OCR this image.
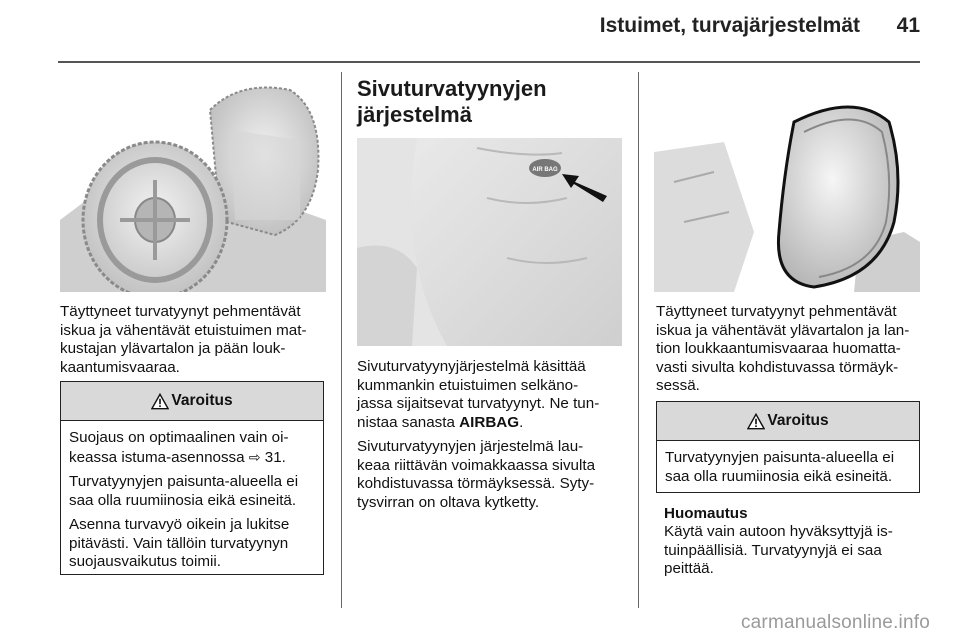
Istuimet, turvajärjestelmät	41

Täyttyneet turvatyynyt pehmentävät
iskua ja vähentävät etuistuimen mat-
kustajan ylävartalon ja pään louk-
kaantumisvaaraa.

Varoitus

Suojaus on optimaalinen vain oi-
keassa istuma-asennossa ⇨ 31.

Turvatyynyjen paisunta-alueella ei
saa olla ruumiinosia eikä esineitä.

Asenna turvavyö oikein ja lukitse
pitävästi. Vain tällöin turvatyynyn
suojausvaikutus toimii.

Sivuturvatyynyjen
järjestelmä
AIR BAG

Sivuturvatyynyjärjestelmä käsittää
kummankin etuistuimen selkäno-
jassa sijaitsevat turvatyynyt. Ne tun-
nistaa sanasta AIRBAG.

Sivuturvatyynyjen järjestelmä lau-
keaa riittävän voimakkaassa sivulta
kohdistuvassa törmäyksessä. Syty-
tysvirran on oltava kytketty.

Täyttyneet turvatyynyt pehmentävät
iskua ja vähentävät ylävartalon ja lan-
tion loukkaantumisvaaraa huomatta-
vasti sivulta kohdistuvassa törmäyk-
sessä.

Varoitus

Turvatyynyjen paisunta-alueella ei
saa olla ruumiinosia eikä esineitä.

Huomautus

Käytä vain autoon hyväksyttyjä is-
tuinpäällisiä. Turvatyynyjä ei saa
peittää.

carmanualsonline.info
